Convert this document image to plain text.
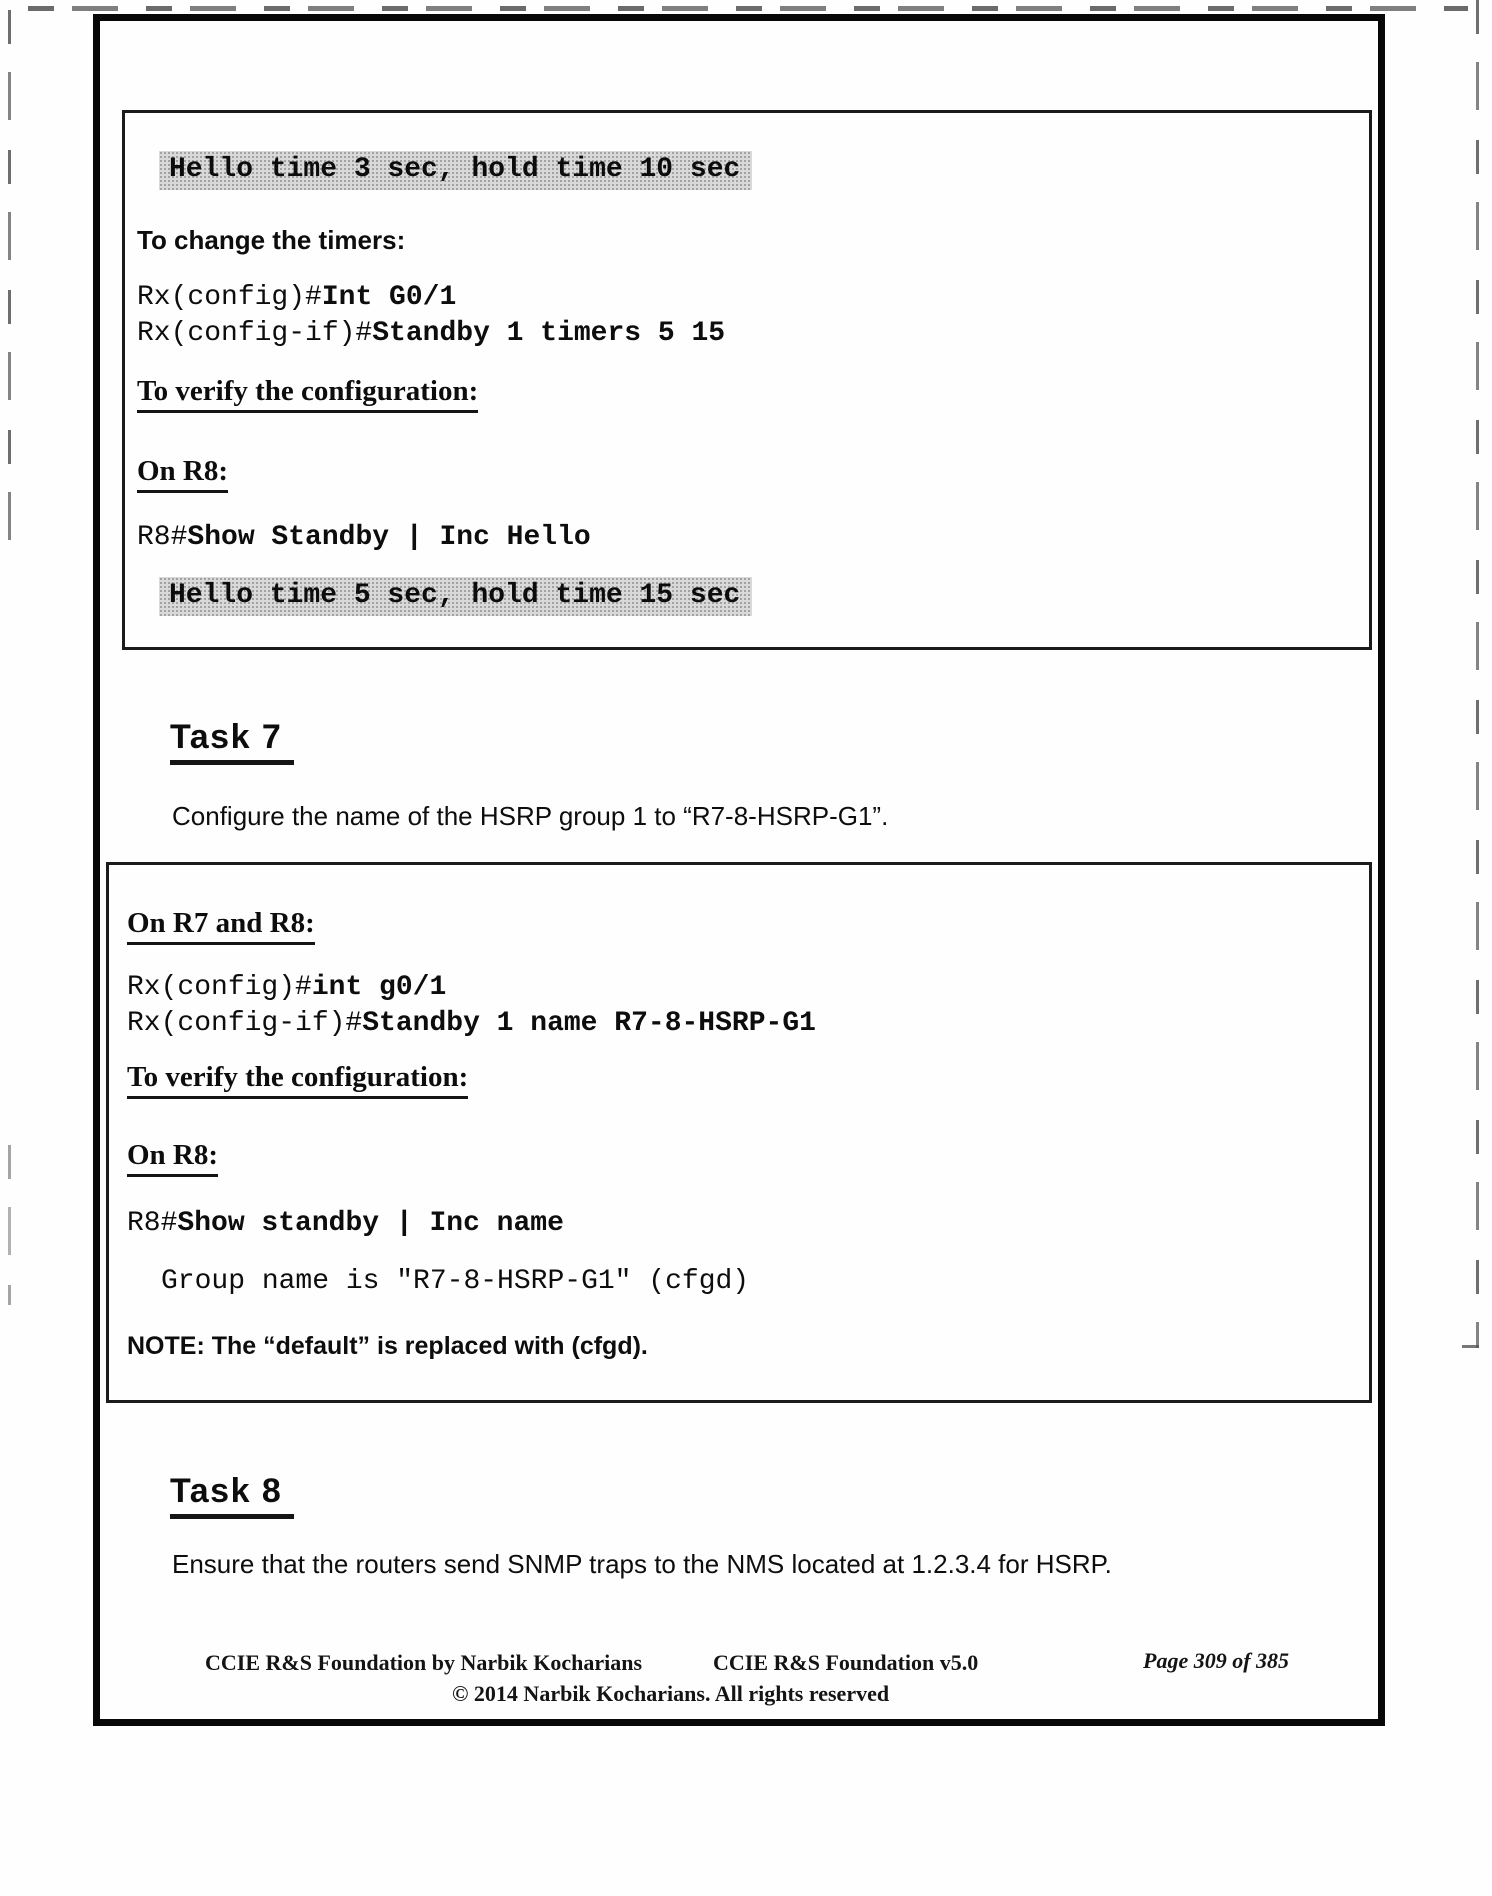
Hello time 3 sec, hold time 10 sec
To change the timers:
Rx(config)#Int G0/1
Rx(config-if)#Standby 1 timers 5 15
To verify the configuration:
On R8:
R8#Show Standby | Inc Hello
Hello time 5 sec, hold time 15 sec
Task 7
Configure the name of the HSRP group 1 to “R7-8-HSRP-G1”.
On R7 and R8:
Rx(config)#int g0/1
Rx(config-if)#Standby 1 name R7-8-HSRP-G1
To verify the configuration:
On R8:
R8#Show standby | Inc name
Group name is "R7-8-HSRP-G1" (cfgd)
NOTE: The “default” is replaced with (cfgd).
Task 8
Ensure that the routers send SNMP traps to the NMS located at 1.2.3.4 for HSRP.
CCIE R&S Foundation by Narbik Kocharians	CCIE R&S Foundation v5.0	Page 309 of 385
© 2014 Narbik Kocharians. All rights reserved
